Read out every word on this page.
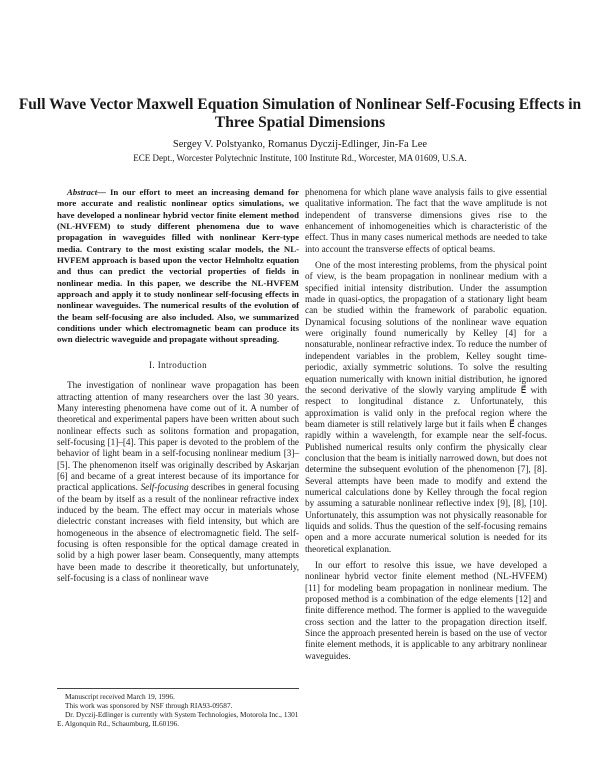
Full Wave Vector Maxwell Equation Simulation of Nonlinear Self-Focusing Effects in Three Spatial Dimensions

Sergey V. Polstyanko, Romanus Dyczij-Edlinger, Jin-Fa Lee

ECE Dept., Worcester Polytechnic Institute, 100 Institute Rd., Worcester, MA 01609, U.S.A.

Abstract— In our effort to meet an increasing demand for more accurate and realistic nonlinear optics simulations, we have developed a nonlinear hybrid vector finite element method (NL-HVFEM) to study different phenomena due to wave propagation in waveguides filled with nonlinear Kerr-type media. Contrary to the most existing scalar models, the NL-HVFEM approach is based upon the vector Helmholtz equation and thus can predict the vectorial properties of fields in nonlinear media. In this paper, we describe the NL-HVFEM approach and apply it to study nonlinear self-focusing effects in nonlinear waveguides. The numerical results of the evolution of the beam self-focusing are also included. Also, we summarized conditions under which electromagnetic beam can produce its own dielectric waveguide and propagate without spreading.

I. Introduction

The investigation of nonlinear wave propagation has been attracting attention of many researchers over the last 30 years. Many interesting phenomena have come out of it. A number of theoretical and experimental papers have been written about such nonlinear effects such as solitons formation and propagation, self-focusing [1]–[4]. This paper is devoted to the problem of the behavior of light beam in a self-focusing nonlinear medium [3]–[5]. The phenomenon itself was originally described by Askarjan [6] and became of a great interest because of its importance for practical applications. Self-focusing describes in general focusing of the beam by itself as a result of the nonlinear refractive index induced by the beam. The effect may occur in materials whose dielectric constant increases with field intensity, but which are homogeneous in the absence of electromagnetic field. The self-focusing is often responsible for the optical damage created in solid by a high power laser beam. Consequently, many attempts have been made to describe it theoretically, but unfortunately, self-focusing is a class of nonlinear wave

Manuscript received March 19, 1996.

This work was sponsored by NSF through RIA93-09587.

Dr. Dyczij-Edlinger is currently with System Technologies, Motorola Inc., 1301 E. Algonquin Rd., Schaumburg, IL60196.

phenomena for which plane wave analysis fails to give essential qualitative information. The fact that the wave amplitude is not independent of transverse dimensions gives rise to the enhancement of inhomogeneities which is characteristic of the effect. Thus in many cases numerical methods are needed to take into account the transverse effects of optical beams.

One of the most interesting problems, from the physical point of view, is the beam propagation in nonlinear medium with a specified initial intensity distribution. Under the assumption made in quasi-optics, the propagation of a stationary light beam can be studied within the framework of parabolic equation. Dynamical focusing solutions of the nonlinear wave equation were originally found numerically by Kelley [4] for a nonsaturable, nonlinear refractive index. To reduce the number of independent variables in the problem, Kelley sought time-periodic, axially symmetric solutions. To solve the resulting equation numerically with known initial distribution, he ignored the second derivative of the slowly varying amplitude E⃗ with respect to longitudinal distance z. Unfortunately, this approximation is valid only in the prefocal region where the beam diameter is still relatively large but it fails when E⃗ changes rapidly within a wavelength, for example near the self-focus. Published numerical results only confirm the physically clear conclusion that the beam is initially narrowed down, but does not determine the subsequent evolution of the phenomenon [7], [8]. Several attempts have been made to modify and extend the numerical calculations done by Kelley through the focal region by assuming a saturable nonlinear reflective index [9], [8], [10]. Unfortunately, this assumption was not physically reasonable for liquids and solids. Thus the question of the self-focusing remains open and a more accurate numerical solution is needed for its theoretical explanation.

In our effort to resolve this issue, we have developed a nonlinear hybrid vector finite element method (NL-HVFEM) [11] for modeling beam propagation in nonlinear medium. The proposed method is a combination of the edge elements [12] and finite difference method. The former is applied to the waveguide cross section and the latter to the propagation direction itself. Since the approach presented herein is based on the use of vector finite element methods, it is applicable to any arbitrary nonlinear waveguides.
